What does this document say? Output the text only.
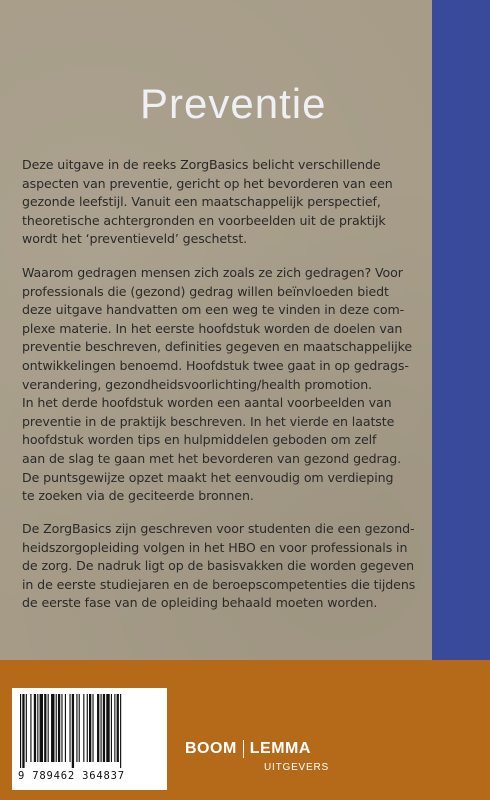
Preventie
Deze uitgave in de reeks ZorgBasics belicht verschillende
aspecten van preventie, gericht op het bevorderen van een
gezonde leefstijl. Vanuit een maatschappelijk perspectief,
theoretische achtergronden en voorbeelden uit de praktijk
wordt het ‘preventieveld’ geschetst.
Waarom gedragen mensen zich zoals ze zich gedragen? Voor
professionals die (gezond) gedrag willen beïnvloeden biedt
deze uitgave handvatten om een weg te vinden in deze com-
plexe materie. In het eerste hoofdstuk worden de doelen van
preventie beschreven, definities gegeven en maatschappelijke
ontwikkelingen benoemd. Hoofdstuk twee gaat in op gedrags-
verandering, gezondheidsvoorlichting/health promotion.
In het derde hoofdstuk worden een aantal voorbeelden van
preventie in de praktijk beschreven. In het vierde en laatste
hoofdstuk worden tips en hulpmiddelen geboden om zelf
aan de slag te gaan met het bevorderen van gezond gedrag.
De puntsgewijze opzet maakt het eenvoudig om verdieping
te zoeken via de geciteerde bronnen.
De ZorgBasics zijn geschreven voor studenten die een gezond-
heidszorgopleiding volgen in het HBO en voor professionals in
de zorg. De nadruk ligt op de basisvakken die worden gegeven
in de eerste studiejaren en de beroepscompetenties die tijdens
de eerste fase van de opleiding behaald moeten worden.
9 789462 364837
BOOM LEMMA
UITGEVERS
